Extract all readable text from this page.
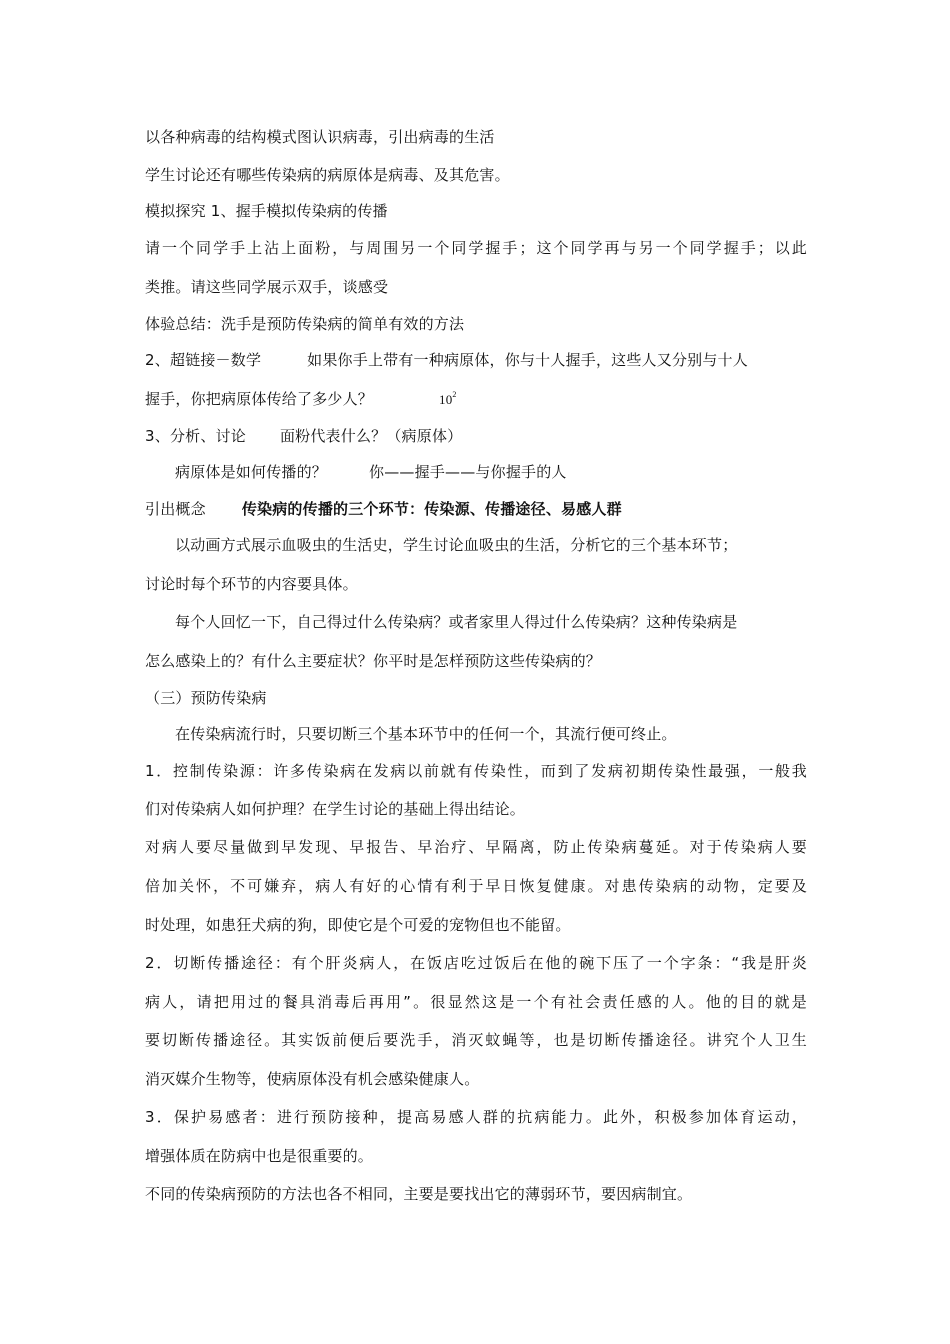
以各种病毒的结构模式图认识病毒，引出病毒的生活
学生讨论还有哪些传染病的病原体是病毒、及其危害。
模拟探究 1、握手模拟传染病的传播
请一个同学手上沾上面粉，与周围另一个同学握手；这个同学再与另一个同学握手；以此
类推。请这些同学展示双手，谈感受
体验总结：洗手是预防传染病的简单有效的方法
2、超链接－数学	如果你手上带有一种病原体，你与十人握手，这些人又分别与十人
握手，你把病原体传给了多少人？	$10^2$
3、分析、讨论 面粉代表什么？（病原体）
病原体是如何传播的？	你——握手——与你握手的人
引出概念 传染病的传播的三个环节：传染源、传播途径、易感人群
以动画方式展示血吸虫的生活史，学生讨论血吸虫的生活，分析它的三个基本环节；
讨论时每个环节的内容要具体。
每个人回忆一下，自己得过什么传染病？或者家里人得过什么传染病？这种传染病是
怎么感染上的？有什么主要症状？你平时是怎样预防这些传染病的？
（三）预防传染病
在传染病流行时，只要切断三个基本环节中的任何一个，其流行便可终止。
1．控制传染源：许多传染病在发病以前就有传染性，而到了发病初期传染性最强，一般我
们对传染病人如何护理？在学生讨论的基础上得出结论。
对病人要尽量做到早发现、早报告、早治疗、早隔离，防止传染病蔓延。对于传染病人要
倍加关怀，不可嫌弃，病人有好的心情有利于早日恢复健康。对患传染病的动物，定要及
时处理，如患狂犬病的狗，即使它是个可爱的宠物但也不能留。
2．切断传播途径：有个肝炎病人，在饭店吃过饭后在他的碗下压了一个字条：“我是肝炎
病人，请把用过的餐具消毒后再用”。很显然这是一个有社会责任感的人。他的目的就是
要切断传播途径。其实饭前便后要洗手，消灭蚊蝇等，也是切断传播途径。讲究个人卫生
消灭媒介生物等，使病原体没有机会感染健康人。
3．保护易感者：进行预防接种，提高易感人群的抗病能力。此外，积极参加体育运动，
增强体质在防病中也是很重要的。
不同的传染病预防的方法也各不相同，主要是要找出它的薄弱环节，要因病制宜。
